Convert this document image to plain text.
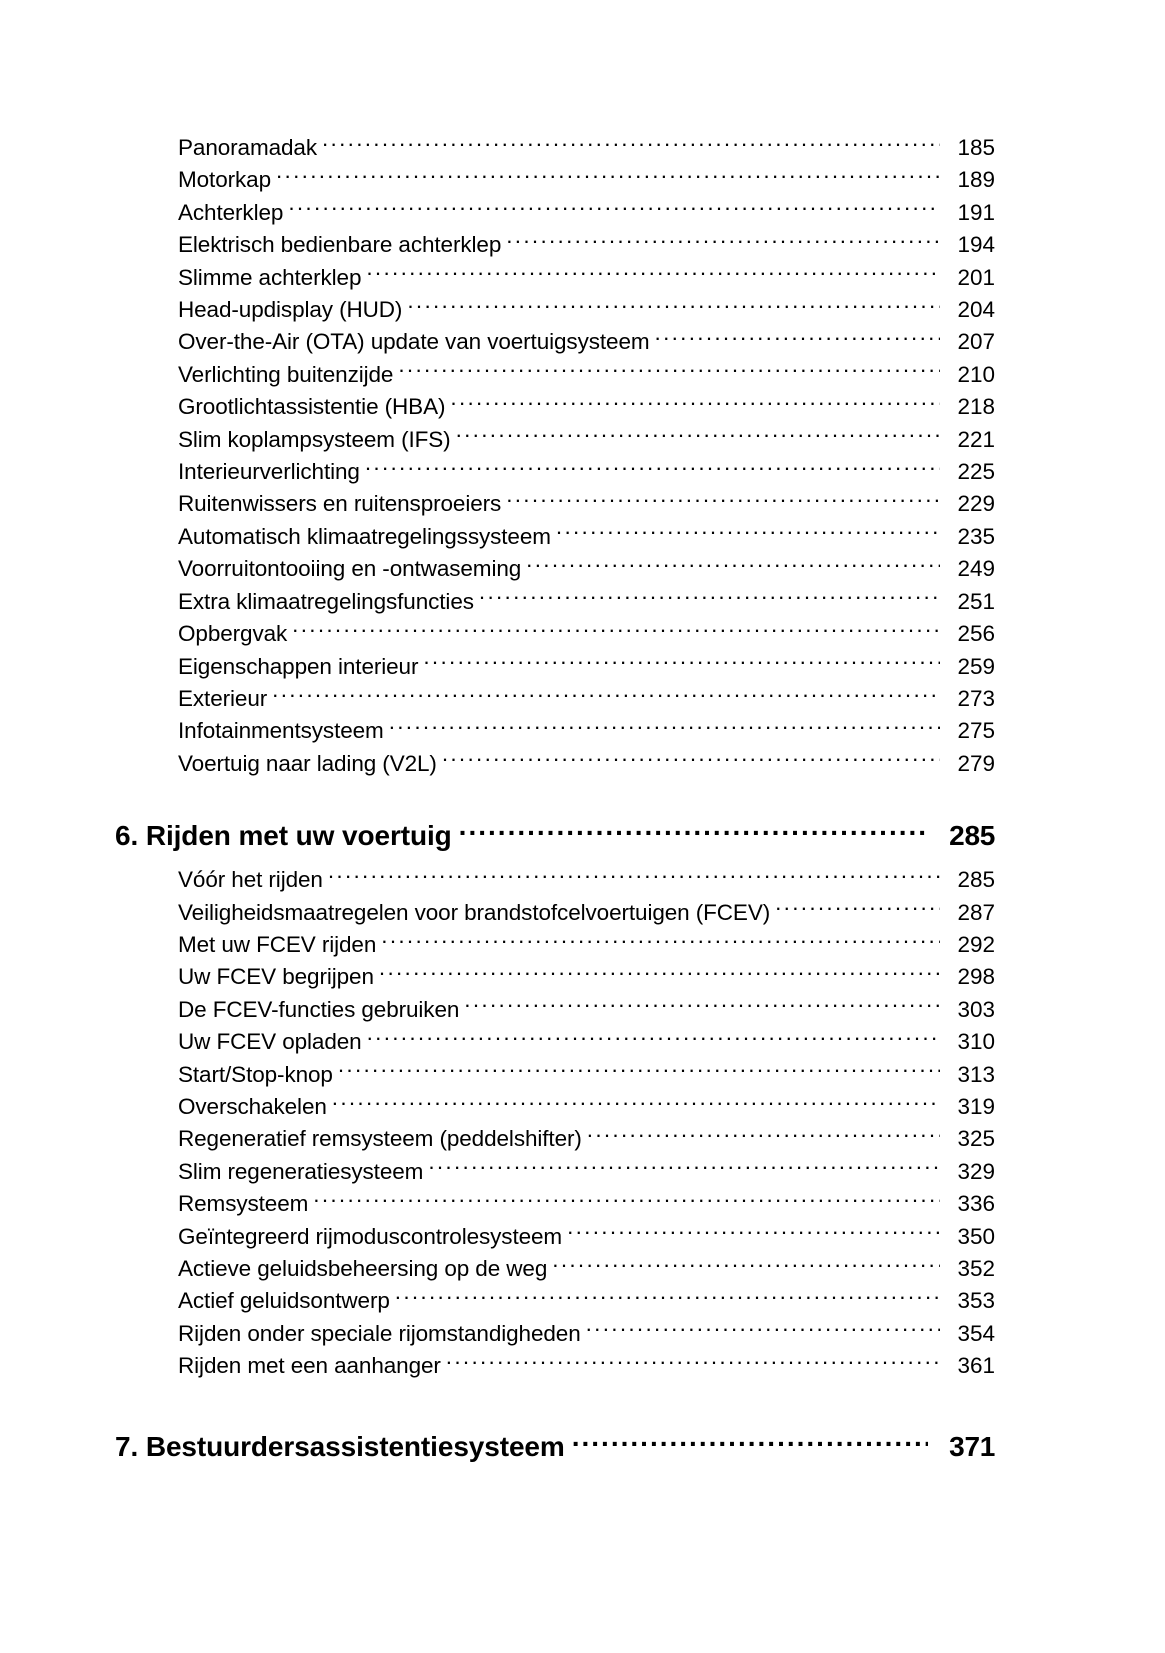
Panoramadak .....	185
Motorkap .....	189
Achterklep .....	191
Elektrisch bedienbare achterklep .....	194
Slimme achterklep .....	201
Head-updisplay (HUD) .....	204
Over-the-Air (OTA) update van voertuigsysteem .....	207
Verlichting buitenzijde .....	210
Grootlichtassistentie (HBA) .....	218
Slim koplampsysteem (IFS) .....	221
Interieurverlichting .....	225
Ruitenwissers en ruitensproeiers .....	229
Automatisch klimaatregelingssysteem .....	235
Voorruitontooiing en -ontwaseming .....	249
Extra klimaatregelingsfuncties .....	251
Opbergvak .....	256
Eigenschappen interieur .....	259
Exterieur .....	273
Infotainmentsysteem .....	275
Voertuig naar lading (V2L) .....	279
6. Rijden met uw voertuig .....	285
Vóór het rijden .....	285
Veiligheidsmaatregelen voor brandstofcelvoertuigen (FCEV) .....	287
Met uw FCEV rijden .....	292
Uw FCEV begrijpen .....	298
De FCEV-functies gebruiken .....	303
Uw FCEV opladen .....	310
Start/Stop-knop .....	313
Overschakelen .....	319
Regeneratief remsysteem (peddelshifter) .....	325
Slim regeneratiesysteem .....	329
Remsysteem .....	336
Geïntegreerd rijmoduscontrolesysteem .....	350
Actieve geluidsbeheersing op de weg .....	352
Actief geluidsontwerp .....	353
Rijden onder speciale rijomstandigheden .....	354
Rijden met een aanhanger .....	361
7. Bestuurdersassistentiesysteem .....	371
